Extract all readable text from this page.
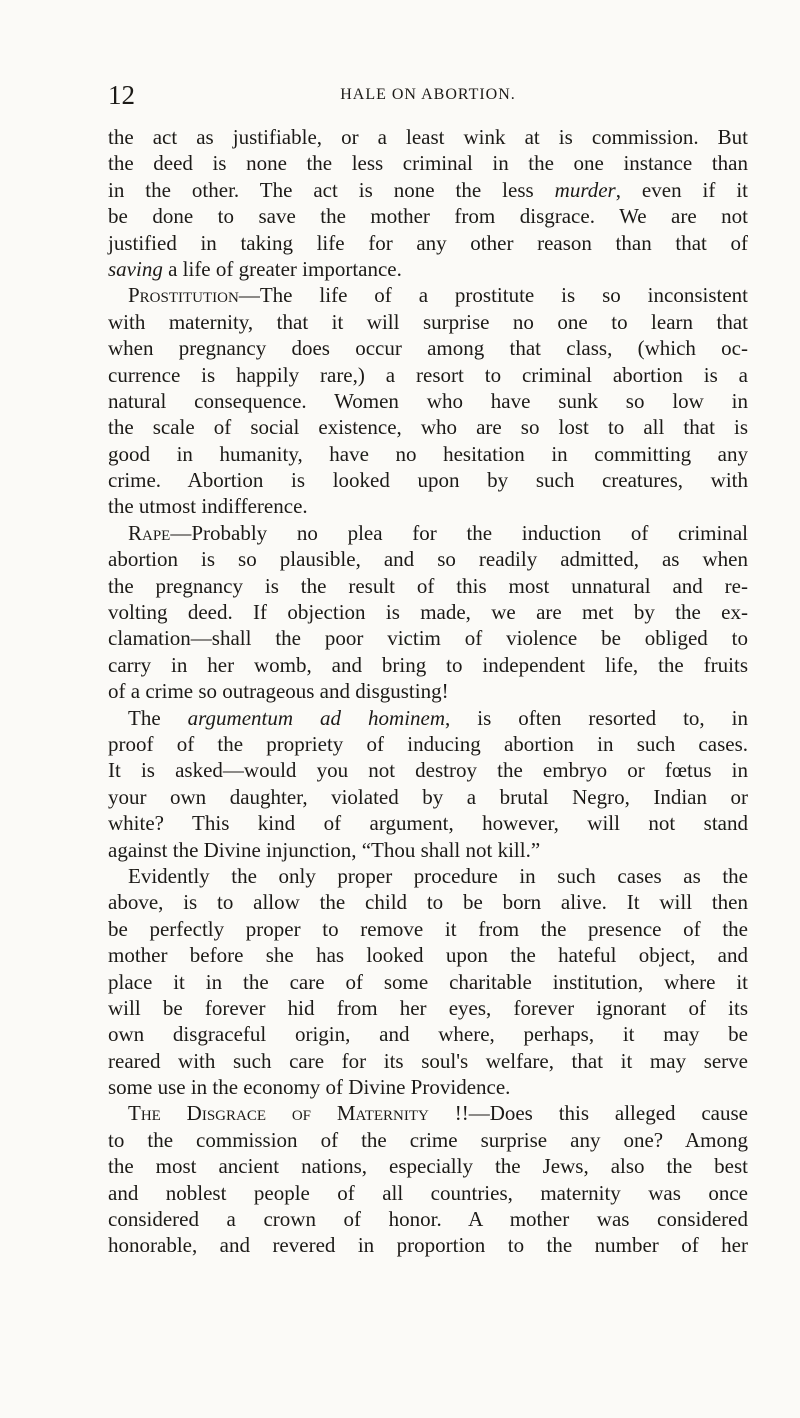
12	HALE ON ABORTION.
the act as justifiable, or a least wink at is commission. But
the deed is none the less criminal in the one instance than
in the other. The act is none the less murder, even if it
be done to save the mother from disgrace. We are not
justified in taking life for any other reason than that of
saving a life of greater importance.
Prostitution—The life of a prostitute is so inconsistent
with maternity, that it will surprise no one to learn that
when pregnancy does occur among that class, (which oc-
currence is happily rare,) a resort to criminal abortion is a
natural consequence. Women who have sunk so low in
the scale of social existence, who are so lost to all that is
good in humanity, have no hesitation in committing any
crime. Abortion is looked upon by such creatures, with
the utmost indifference.
Rape—Probably no plea for the induction of criminal
abortion is so plausible, and so readily admitted, as when
the pregnancy is the result of this most unnatural and re-
volting deed. If objection is made, we are met by the ex-
clamation—shall the poor victim of violence be obliged to
carry in her womb, and bring to independent life, the fruits
of a crime so outrageous and disgusting!
The argumentum ad hominem, is often resorted to, in
proof of the propriety of inducing abortion in such cases.
It is asked—would you not destroy the embryo or fœtus in
your own daughter, violated by a brutal Negro, Indian or
white? This kind of argument, however, will not stand
against the Divine injunction, “Thou shall not kill.”
Evidently the only proper procedure in such cases as the
above, is to allow the child to be born alive. It will then
be perfectly proper to remove it from the presence of the
mother before she has looked upon the hateful object, and
place it in the care of some charitable institution, where it
will be forever hid from her eyes, forever ignorant of its
own disgraceful origin, and where, perhaps, it may be
reared with such care for its soul's welfare, that it may serve
some use in the economy of Divine Providence.
The Disgrace of Maternity !!—Does this alleged cause
to the commission of the crime surprise any one? Among
the most ancient nations, especially the Jews, also the best
and noblest people of all countries, maternity was once
considered a crown of honor. A mother was considered
honorable, and revered in proportion to the number of her
